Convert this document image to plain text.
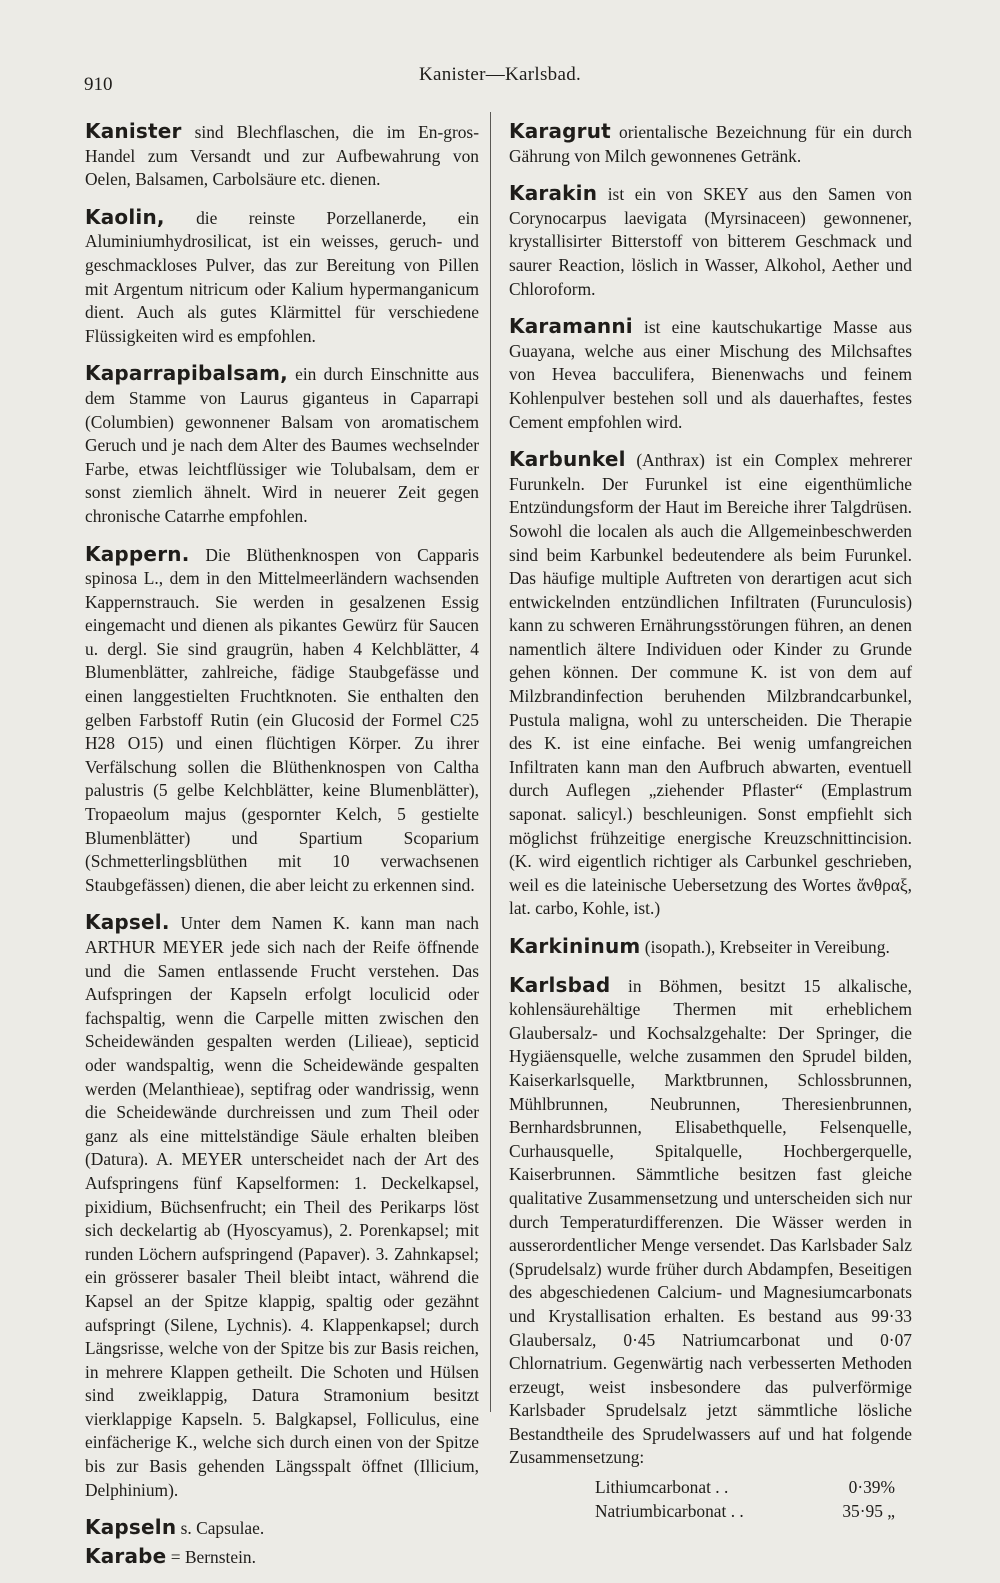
910	Kanister—Karlsbad.

Kanister sind Blechflaschen, die im En-gros-Handel zum Versandt und zur Aufbewahrung von Oelen, Balsamen, Carbolsäure etc. dienen.

Kaolin, die reinste Porzellanerde, ein Aluminiumhydrosilicat, ist ein weisses, geruch- und geschmackloses Pulver, das zur Bereitung von Pillen mit Argentum nitricum oder Kalium hypermanganicum dient. Auch als gutes Klärmittel für verschiedene Flüssigkeiten wird es empfohlen.

Kaparrapibalsam, ein durch Einschnitte aus dem Stamme von Laurus giganteus in Caparrapi (Columbien) gewonnener Balsam von aromatischem Geruch und je nach dem Alter des Baumes wechselnder Farbe, etwas leichtflüssiger wie Tolubalsam, dem er sonst ziemlich ähnelt. Wird in neuerer Zeit gegen chronische Catarrhe empfohlen.

Kappern. Die Blüthenknospen von Capparis spinosa L., dem in den Mittelmeerländern wachsenden Kappernstrauch. Sie werden in gesalzenen Essig eingemacht und dienen als pikantes Gewürz für Saucen u. dergl. Sie sind graugrün, haben 4 Kelchblätter, 4 Blumenblätter, zahlreiche, fädige Staubgefässe und einen langgestielten Fruchtknoten. Sie enthalten den gelben Farbstoff Rutin (ein Glucosid der Formel C25 H28 O15) und einen flüchtigen Körper. Zu ihrer Verfälschung sollen die Blüthenknospen von Caltha palustris (5 gelbe Kelchblätter, keine Blumenblätter), Tropaeolum majus (gespornter Kelch, 5 gestielte Blumenblätter) und Spartium Scoparium (Schmetterlingsblüthen mit 10 verwachsenen Staubgefässen) dienen, die aber leicht zu erkennen sind.

Kapsel. Unter dem Namen K. kann man nach ARTHUR MEYER jede sich nach der Reife öffnende und die Samen entlassende Frucht verstehen. Das Aufspringen der Kapseln erfolgt loculicid oder fachspaltig, wenn die Carpelle mitten zwischen den Scheidewänden gespalten werden (Lilieae), septicid oder wandspaltig, wenn die Scheidewände gespalten werden (Melanthieae), septifrag oder wandrissig, wenn die Scheidewände durchreissen und zum Theil oder ganz als eine mittelständige Säule erhalten bleiben (Datura). A. MEYER unterscheidet nach der Art des Aufspringens fünf Kapselformen: 1. Deckelkapsel, pixidium, Büchsenfrucht; ein Theil des Perikarps löst sich deckelartig ab (Hyoscyamus), 2. Porenkapsel; mit runden Löchern aufspringend (Papaver). 3. Zahnkapsel; ein grösserer basaler Theil bleibt intact, während die Kapsel an der Spitze klappig, spaltig oder gezähnt aufspringt (Silene, Lychnis). 4. Klappenkapsel; durch Längsrisse, welche von der Spitze bis zur Basis reichen, in mehrere Klappen getheilt. Die Schoten und Hülsen sind zweiklappig, Datura Stramonium besitzt vierklappige Kapseln. 5. Balgkapsel, Folliculus, eine einfächerige K., welche sich durch einen von der Spitze bis zur Basis gehenden Längsspalt öffnet (Illicium, Delphinium).

Kapseln s. Capsulae.

Karabe = Bernstein.

Karagrut orientalische Bezeichnung für ein durch Gährung von Milch gewonnenes Getränk.

Karakin ist ein von SKEY aus den Samen von Corynocarpus laevigata (Myrsinaceen) gewonnener, krystallisirter Bitterstoff von bitterem Geschmack und saurer Reaction, löslich in Wasser, Alkohol, Aether und Chloroform.

Karamanni ist eine kautschukartige Masse aus Guayana, welche aus einer Mischung des Milchsaftes von Hevea bacculifera, Bienenwachs und feinem Kohlenpulver bestehen soll und als dauerhaftes, festes Cement empfohlen wird.

Karbunkel (Anthrax) ist ein Complex mehrerer Furunkeln. Der Furunkel ist eine eigenthümliche Entzündungsform der Haut im Bereiche ihrer Talgdrüsen. Sowohl die localen als auch die Allgemeinbeschwerden sind beim Karbunkel bedeutendere als beim Furunkel. Das häufige multiple Auftreten von derartigen acut sich entwickelnden entzündlichen Infiltraten (Furunculosis) kann zu schweren Ernährungsstörungen führen, an denen namentlich ältere Individuen oder Kinder zu Grunde gehen können. Der commune K. ist von dem auf Milzbrandinfection beruhenden Milzbrandcarbunkel, Pustula maligna, wohl zu unterscheiden. Die Therapie des K. ist eine einfache. Bei wenig umfangreichen Infiltraten kann man den Aufbruch abwarten, eventuell durch Auflegen „ziehender Pflaster“ (Emplastrum saponat. salicyl.) beschleunigen. Sonst empfiehlt sich möglichst frühzeitige energische Kreuzschnittincision. (K. wird eigentlich richtiger als Carbunkel geschrieben, weil es die lateinische Uebersetzung des Wortes ἄνθραξ, lat. carbo, Kohle, ist.)

Karkininum (isopath.), Krebseiter in Vereibung.

Karlsbad in Böhmen, besitzt 15 alkalische, kohlensäurehältige Thermen mit erheblichem Glaubersalz- und Kochsalzgehalte: Der Springer, die Hygiäensquelle, welche zusammen den Sprudel bilden, Kaiserkarlsquelle, Marktbrunnen, Schlossbrunnen, Mühlbrunnen, Neubrunnen, Theresienbrunnen, Bernhardsbrunnen, Elisabethquelle, Felsenquelle, Curhausquelle, Spitalquelle, Hochbergerquelle, Kaiserbrunnen. Sämmtliche besitzen fast gleiche qualitative Zusammensetzung und unterscheiden sich nur durch Temperaturdifferenzen. Die Wässer werden in ausserordentlicher Menge versendet. Das Karlsbader Salz (Sprudelsalz) wurde früher durch Abdampfen, Beseitigen des abgeschiedenen Calcium- und Magnesiumcarbonats und Krystallisation erhalten. Es bestand aus 99·33 Glaubersalz, 0·45 Natriumcarbonat und 0·07 Chlornatrium. Gegenwärtig nach verbesserten Methoden erzeugt, weist insbesondere das pulverförmige Karlsbader Sprudelsalz jetzt sämmtliche lösliche Bestandtheile des Sprudelwassers auf und hat folgende Zusammensetzung:

Lithiumcarbonat . .	0·39%
Natriumbicarbonat . .	35·95 „
